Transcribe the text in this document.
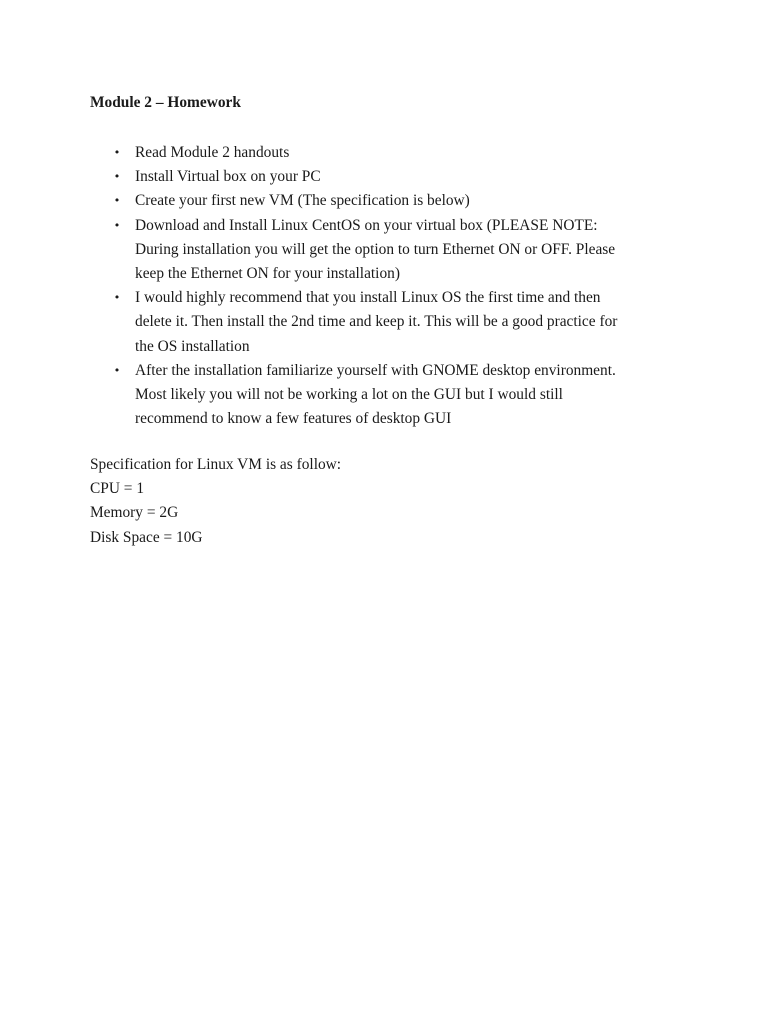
Module 2 – Homework

• Read Module 2 handouts
• Install Virtual box on your PC
• Create your first new VM (The specification is below)
• Download and Install Linux CentOS on your virtual box (PLEASE NOTE:
During installation you will get the option to turn Ethernet ON or OFF. Please
keep the Ethernet ON for your installation)
• I would highly recommend that you install Linux OS the first time and then
delete it. Then install the 2nd time and keep it. This will be a good practice for
the OS installation
• After the installation familiarize yourself with GNOME desktop environment.
Most likely you will not be working a lot on the GUI but I would still
recommend to know a few features of desktop GUI
Specification for Linux VM is as follow:
CPU = 1
Memory = 2G
Disk Space = 10G
